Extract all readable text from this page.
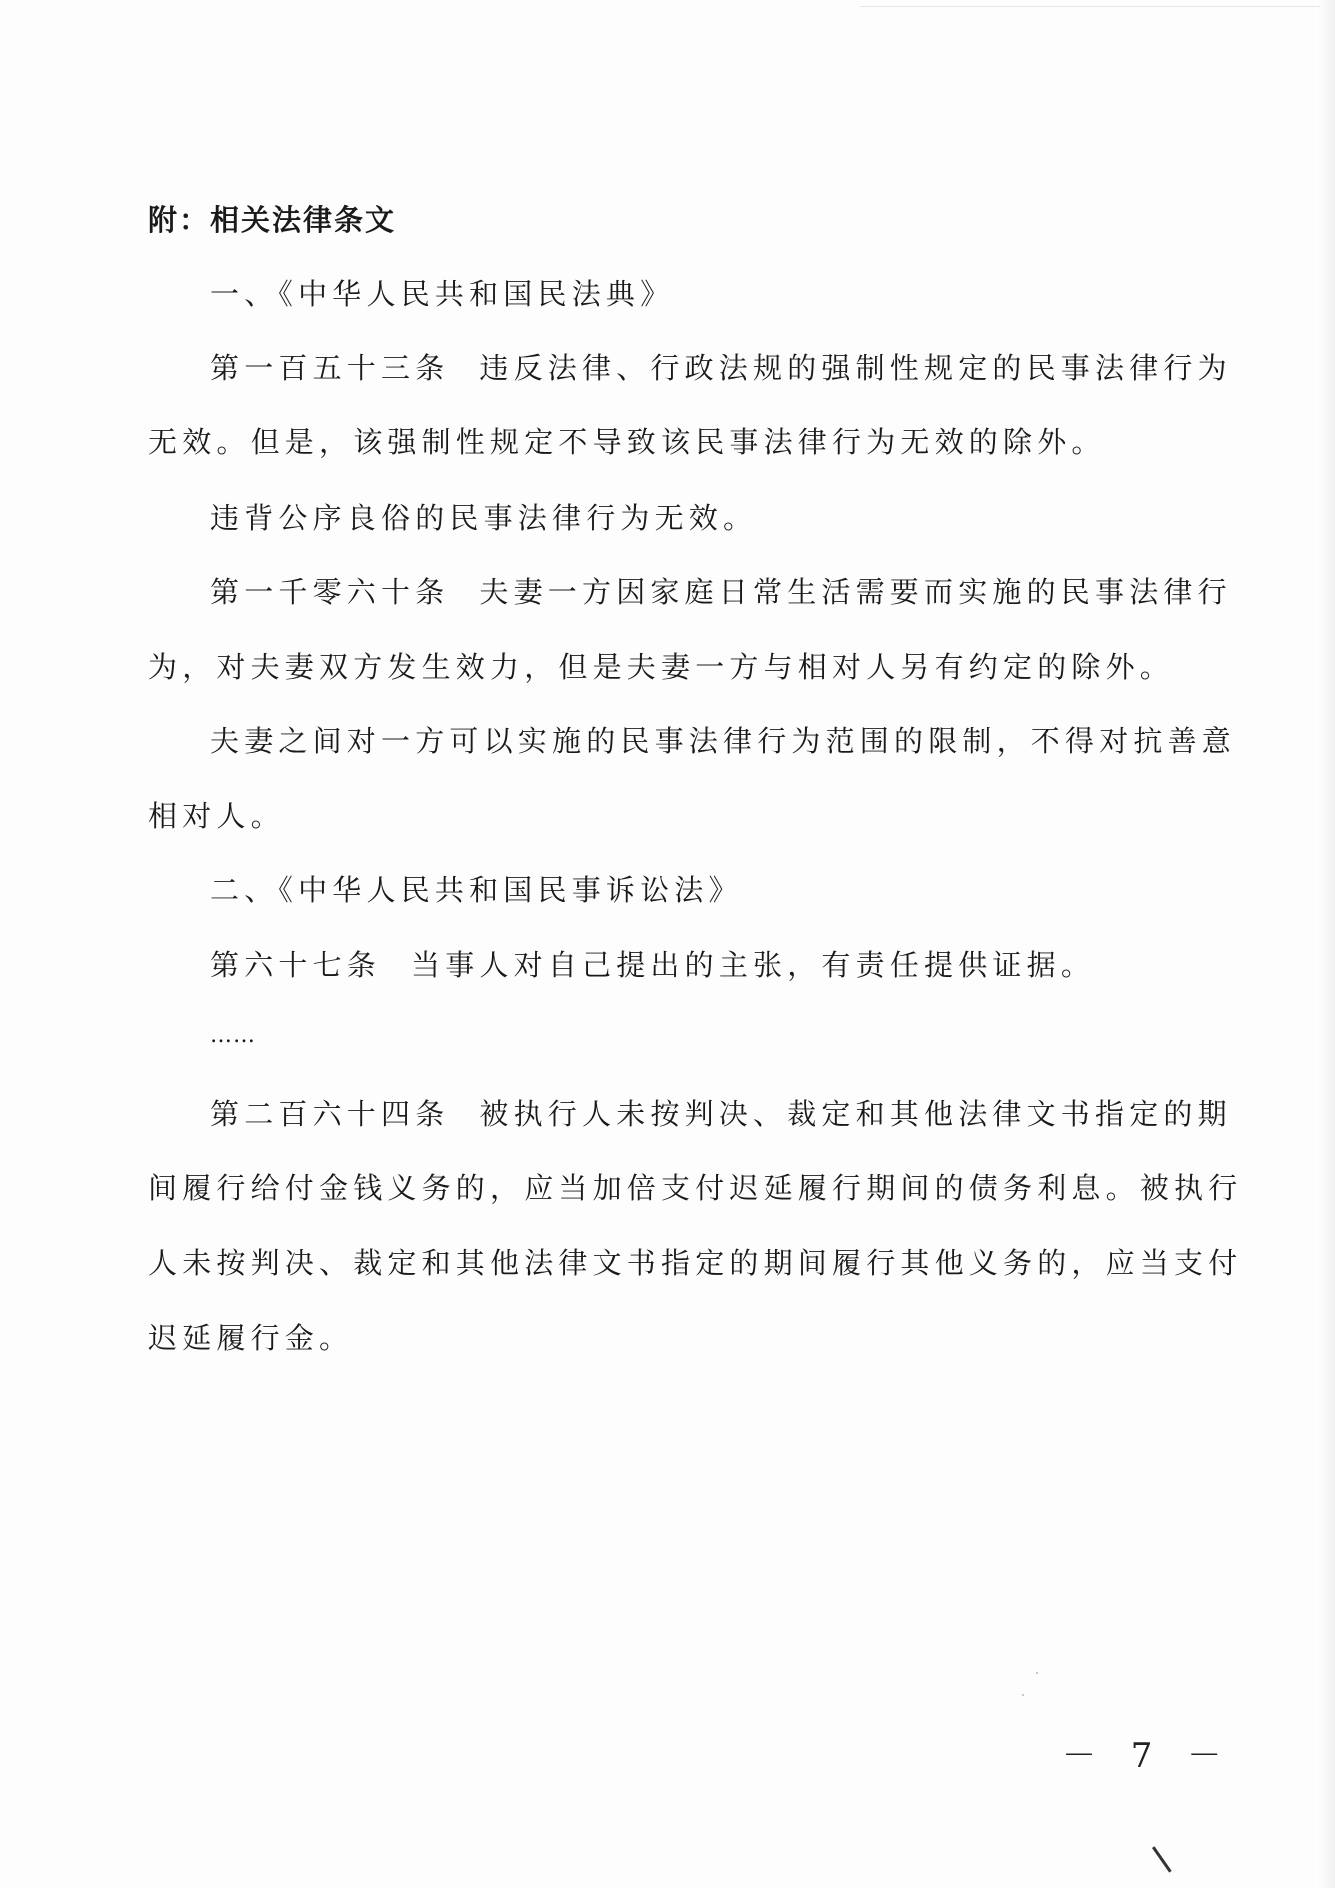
附：相关法律条文
一、《中华人民共和国民法典》
第一百五十三条 违反法律、行政法规的强制性规定的民事法律行为
无效。但是，该强制性规定不导致该民事法律行为无效的除外。
违背公序良俗的民事法律行为无效。
第一千零六十条 夫妻一方因家庭日常生活需要而实施的民事法律行
为，对夫妻双方发生效力，但是夫妻一方与相对人另有约定的除外。
夫妻之间对一方可以实施的民事法律行为范围的限制，不得对抗善意
相对人。
二、《中华人民共和国民事诉讼法》
第六十七条 当事人对自己提出的主张，有责任提供证据。
……
第二百六十四条 被执行人未按判决、裁定和其他法律文书指定的期
间履行给付金钱义务的，应当加倍支付迟延履行期间的债务利息。被执行
人未按判决、裁定和其他法律文书指定的期间履行其他义务的，应当支付
迟延履行金。
－ 7 －
